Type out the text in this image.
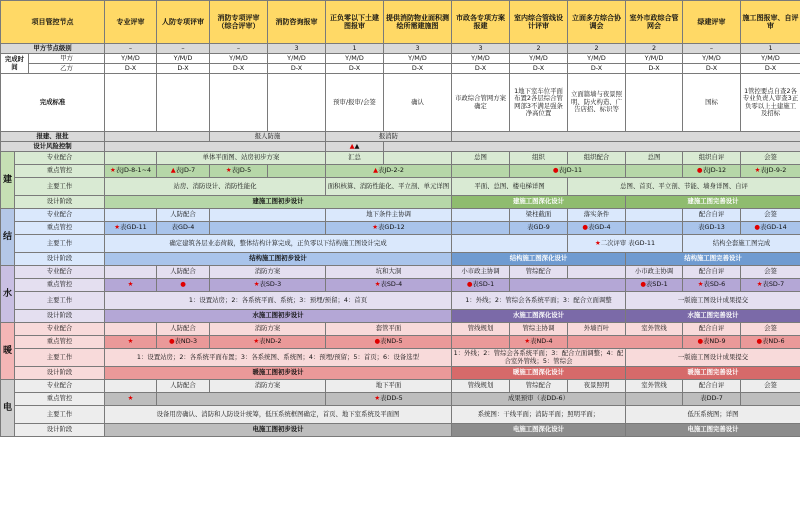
项目管控节点			专业评审	人防专项评审	消防专项评审（综合评审）	消防咨询报审	正负零以下土建图报审	提供消防物业面积测绘所需建施图	市政各专项方案报建	室内综合管线设计评审	立面多方综合协调会	室外市政综合管网会	绿建评审	施工图报审、自评审
甲方节点级别			–	–	–	3	1	3	3	2	2	2	–	1
完成时间		甲方	Y/M/D	Y/M/D	Y/M/D	Y/M/D	Y/M/D	Y/M/D	Y/M/D	Y/M/D	Y/M/D	Y/M/D	Y/M/D	Y/M/D
		乙方	D-X	D-X	D-X	D-X	D-X	D-X	D-X	D-X	D-X	D-X	D-X	D-X
完成标准							预审/报审/会签	确认	市政综合管网方案确定	1地下室车位平面布置2各层综合管网部3不满足强条净高位置	立面篇墙与夜景照明、防火构造、广告店招、标识等		国标	1管控要点自查2各专业负责人审查3正负零以上土建施工及招标
报建、报批					报人防施		报消防							
设计风险控制							▲▲							
建	专业配合			单体平面图、站房初步方案			汇总		总图	组织	组织配合	总图	组织自评	会签
	重点管控		★表JD-8-1~4	▲表JD-7	★表JD-5		▲表JD-2-2			●表JD-11			●表JD-12	★表JD-9-2
	主要工作		站房、消防设计、消防性能化				面积核算、消防性能化、平立剖、单元详图		平面、总图、楼电梯详图		总图、首页、平立剖、节能、墙身详图、自评			
	设计阶段		建施工图初步设计						建施工图深化设计			建施工图完善设计		
结	专业配合			人防配合			地下条件主协调			梁柱截面	落实条件		配合自评	会签
	重点管控		★表GD-11	表GD-4			★表GD-12			表GD-9	●表GD-4		表GD-13	●表GD-14
	主要工作		确定建筑各层业态荷载，整体结构计算完成，正负零以下结构施工图设计完成								★二次评审 表GD-11		结构全套施工图完成	
	设计阶段		结构施工图初步设计						结构施工图深化设计			结构施工图完善设计		
水	专业配合			人防配合	消防方案		坑和大洞		小市政主协调	管综配合		小市政主协调	配合自评	会签
	重点管控		★	●	★表SD-3		★表SD-4		●表SD-1			●表SD-1	★表SD-6	★表SD-7
	主要工作		1：设置站房；2：各系统平面、系统；3：预埋/预留；4：首页						1：外线；2：管综会各系统平面；3：配合立面调整			一版施工图设计成果提交		
	设计阶段		水施工图初步设计						水施工图深化设计			水施工图完善设计		
暖	专业配合			人防配合	消防方案		套管平面		管线规划	管综主协调	外墙百叶	室外管线	配合自评	会签
	重点管控		★	●表ND-3	★表ND-2		●表ND-5			★表ND-4			●表ND-9	●表ND-6
	主要工作		1：设置站房；2：各系统平面布置；3：各系统图、系统图；4：预埋/预留；5：首页；6：设备选型						1：外线；2：管综会各系统平面；3：配合立面调整；4：配合室外管线；5：管综会			一版施工图设计成果提交		
	设计阶段		暖施工图初步设计						暖施工图深化设计			暖施工图完善设计		
电	专业配合			人防配合	消防方案		地下平面		管线规划	管综配合	夜景照明	室外管线	配合自评	会签
	重点管控		★				★表DD-5		成果预审（表DD-6）				表DD-7	
	主要工作		设备用房确认、消防和人防设计统筹，低压系统框图确定，首页、地下室系统及平面图						系统图：干线平面；消防平面；照明平面；			低压系统图；详图		
	设计阶段		电施工图初步设计						电施工图深化设计			电施工图完善设计		
